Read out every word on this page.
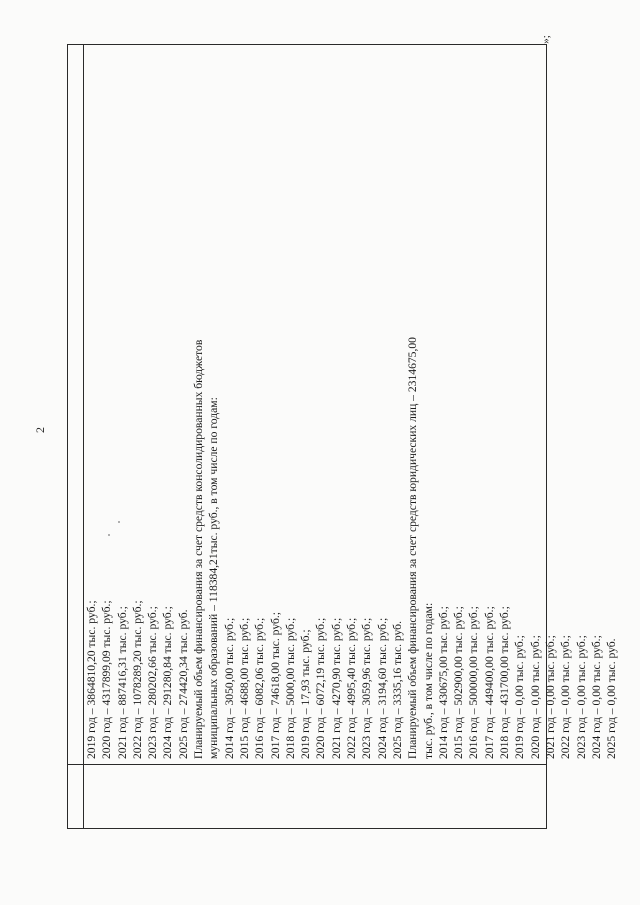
2
»;
2019 год – 3864810,20 тыс. руб.; 2020 год – 4317899,09 тыс. руб.; 2021 год – 887416,31 тыс. руб.; 2022 год – 1078289,20 тыс. руб.; 2023 год – 280202,66 тыс. руб.; 2024 год – 291280,84 тыс. руб.; 2025 год – 274420,34 тыс. руб. Планируемый объем финансирования за счет средств консолидированных бюджетов муниципальных образований – 118384,21тыс. руб., в том числе по годам: 2014 год – 3050,00 тыс. руб.; 2015 год – 4688,00 тыс. руб.; 2016 год – 6082,06 тыс. руб.; 2017 год – 74618,00 тыс. руб.; 2018 год – 5000,00 тыс. руб.; 2019 год – 17,93 тыс. руб.; 2020 год – 6072,19 тыс. руб.; 2021 год – 4270,90 тыс. руб.; 2022 год – 4995,40 тыс. руб.; 2023 год – 3059,96 тыс. руб.; 2024 год – 3194,60 тыс. руб.; 2025 год – 3335,16 тыс. руб. Планируемый объем финансирования за счет средств юридических лиц – 2314675,00 тыс. руб., в том числе по годам: 2014 год – 430675,00 тыс. руб.; 2015 год – 502900,00 тыс. руб.; 2016 год – 500000,00 тыс. руб.; 2017 год – 449400,00 тыс. руб.; 2018 год – 431700,00 тыс. руб.; 2019 год – 0,00 тыс. руб.; 2020 год – 0,00 тыс. руб.; 2021 год – 0,00 тыс. руб.; 2022 год – 0,00 тыс. руб.; 2023 год – 0,00 тыс. руб.; 2024 год – 0,00 тыс. руб.; 2025 год – 0,00 тыс. руб.
